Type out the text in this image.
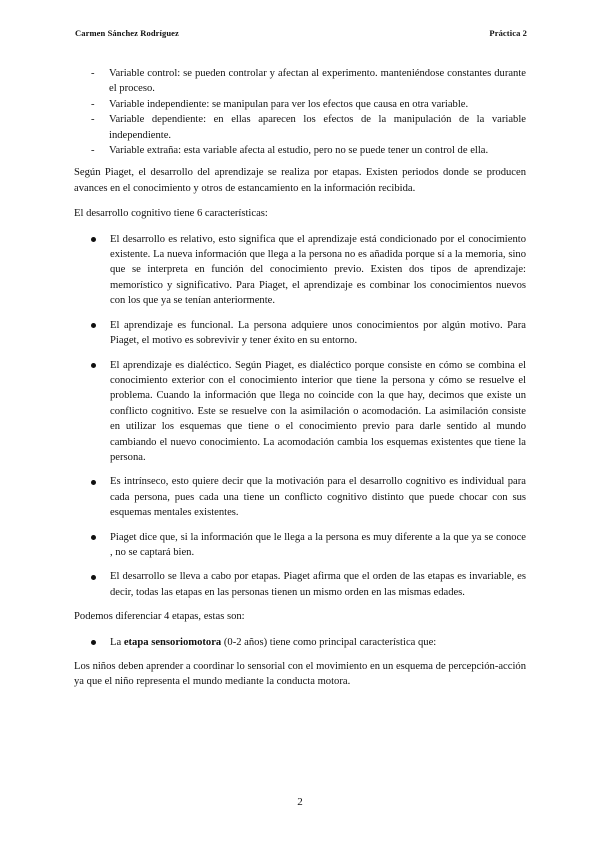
Carmen Sánchez Rodríguez	Práctica 2
- Variable control: se pueden controlar y afectan al experimento. manteniéndose constantes durante el proceso.
- Variable independiente: se manipulan para ver los efectos que causa en otra variable.
- Variable dependiente: en ellas aparecen los efectos de la manipulación de la variable independiente.
- Variable extraña: esta variable afecta al estudio, pero no se puede tener un control de ella.

Según Piaget, el desarrollo del aprendizaje se realiza por etapas. Existen periodos donde se producen avances en el conocimiento y otros de estancamiento en la información recibida.

El desarrollo cognitivo tiene 6 características:

El desarrollo es relativo, esto significa que el aprendizaje está condicionado por el conocimiento existente. La nueva información que llega a la persona no es añadida porque sí a la memoria, sino que se interpreta en función del conocimiento previo. Existen dos tipos de aprendizaje: memorístico y significativo. Para Piaget, el aprendizaje es combinar los conocimientos nuevos con los que ya se tenían anteriormente.
El aprendizaje es funcional. La persona adquiere unos conocimientos por algún motivo. Para Piaget, el motivo es sobrevivir y tener éxito en su entorno.
El aprendizaje es dialéctico. Según Piaget, es dialéctico porque consiste en cómo se combina el conocimiento exterior con el conocimiento interior que tiene la persona y cómo se resuelve el problema. Cuando la información que llega no coincide con la que hay, decimos que existe un conflicto cognitivo. Este se resuelve con la asimilación o acomodación. La asimilación consiste en utilizar los esquemas que tiene o el conocimiento previo para darle sentido al mundo cambiando el nuevo conocimiento. La acomodación cambia los esquemas existentes que tiene la persona.
Es intrínseco, esto quiere decir que la motivación para el desarrollo cognitivo es individual para cada persona, pues cada una tiene un conflicto cognitivo distinto que puede chocar con sus esquemas mentales existentes.
Piaget dice que, si la información que le llega a la persona es muy diferente a la que ya se conoce , no se captará bien.
El desarrollo se lleva a cabo por etapas. Piaget afirma que el orden de las etapas es invariable, es decir, todas las etapas en las personas tienen un mismo orden en las mismas edades.

Podemos diferenciar 4 etapas, estas son:

La etapa sensoriomotora (0-2 años) tiene como principal característica que:

Los niños deben aprender a coordinar lo sensorial con el movimiento en un esquema de percepción-acción ya que el niño representa el mundo mediante la conducta motora.

2
